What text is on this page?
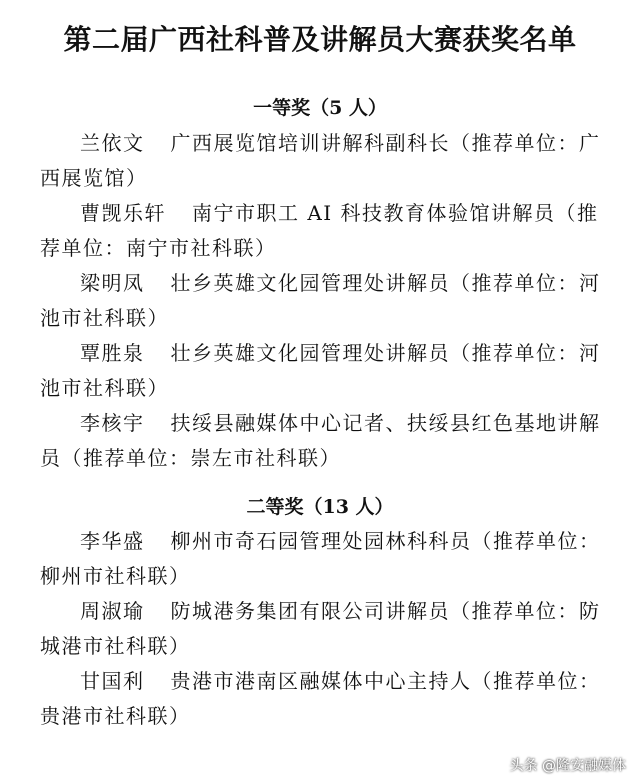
第二届广西社科普及讲解员大赛获奖名单
一等奖（5 人）
兰依文 广西展览馆培训讲解科副科长（推荐单位：广西展览馆）
曹觊乐轩 南宁市职工 AI 科技教育体验馆讲解员（推荐单位：南宁市社科联）
梁明凤 壮乡英雄文化园管理处讲解员（推荐单位：河池市社科联）
覃胜泉 壮乡英雄文化园管理处讲解员（推荐单位：河池市社科联）
李核宇 扶绥县融媒体中心记者、扶绥县红色基地讲解员（推荐单位：崇左市社科联）
二等奖（13 人）
李华盛 柳州市奇石园管理处园林科科员（推荐单位：柳州市社科联）
周淑瑜 防城港务集团有限公司讲解员（推荐单位：防城港市社科联）
甘国利 贵港市港南区融媒体中心主持人（推荐单位：贵港市社科联）
头条 @隆安融媒体
